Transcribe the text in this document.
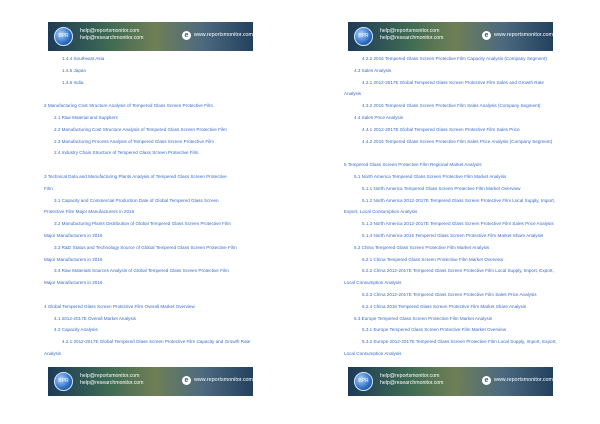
BPR
help@reportsmonitor.com
help@researchmonitor.com	e	www.reportsmonitor.com
1.4.4 Southeast Asia
1.4.5 Japan
1.4.6 India
2 Manufacturing Cost Structure Analysis of Tempered Glass Screen Protective Film
2.1 Raw Material and Suppliers
2.2 Manufacturing Cost Structure Analysis of Tempered Glass Screen Protective Film
2.3 Manufacturing Process Analysis of Tempered Glass Screen Protective Film
2.4 Industry Chain Structure of Tempered Glass Screen Protective Film
3 Technical Data and Manufacturing Plants Analysis of Tempered Glass Screen Protective
Film
3.1 Capacity and Commercial Production Date of Global Tempered Glass Screen
Protective Film Major Manufacturers in 2016
3.2 Manufacturing Plants Distribution of Global Tempered Glass Screen Protective Film
Major Manufacturers in 2016
3.3 R&D Status and Technology Source of Global Tempered Glass Screen Protective Film
Major Manufacturers in 2016
3.4 Raw Materials Sources Analysis of Global Tempered Glass Screen Protective Film
Major Manufacturers in 2016
4 Global Tempered Glass Screen Protective Film Overall Market Overview
4.1 2012-2017E Overall Market Analysis
4.2 Capacity Analysis
4.2.1 2012-2017E Global Tempered Glass Screen Protective Film Capacity and Growth Rate
Analysis
BPR
help@reportsmonitor.com
help@researchmonitor.com	e	www.reportsmonitor.com
BPR
help@reportsmonitor.com
help@researchmonitor.com	e	www.reportsmonitor.com
4.2.2 2016 Tempered Glass Screen Protective Film Capacity Analysis (Company Segment)
4.3 Sales Analysis
4.3.1 2012-2017E Global Tempered Glass Screen Protective Film Sales and Growth Rate
Analysis
4.3.2 2016 Tempered Glass Screen Protective Film Sales Analysis (Company Segment)
4.4 Sales Price Analysis
4.4.1 2012-2017E Global Tempered Glass Screen Protective Film Sales Price
4.4.2 2016 Tempered Glass Screen Protective Film Sales Price Analysis (Company Segment)
5 Tempered Glass Screen Protective Film Regional Market Analysis
5.1 North America Tempered Glass Screen Protective Film Market Analysis
5.1.1 North America Tempered Glass Screen Protective Film Market Overview
5.1.2 North America 2012-2017E Tempered Glass Screen Protective Film Local Supply, Import,
Export, Local Consumption Analysis
5.1.3 North America 2012-2017E Tempered Glass Screen Protective Film Sales Price Analysis
5.1.4 North America 2016 Tempered Glass Screen Protective Film Market Share Analysis
5.2 China Tempered Glass Screen Protective Film Market Analysis
5.2.1 China Tempered Glass Screen Protective Film Market Overview
5.2.2 China 2012-2017E Tempered Glass Screen Protective Film Local Supply, Import, Export,
Local Consumption Analysis
5.2.3 China 2012-2017E Tempered Glass Screen Protective Film Sales Price Analysis
5.2.4 China 2016 Tempered Glass Screen Protective Film Market Share Analysis
5.3 Europe Tempered Glass Screen Protective Film Market Analysis
5.3.1 Europe Tempered Glass Screen Protective Film Market Overview
5.3.2 Europe 2012-2017E Tempered Glass Screen Protective Film Local Supply, Import, Export,
Local Consumption Analysis
BPR
help@reportsmonitor.com
help@researchmonitor.com	e	www.reportsmonitor.com
